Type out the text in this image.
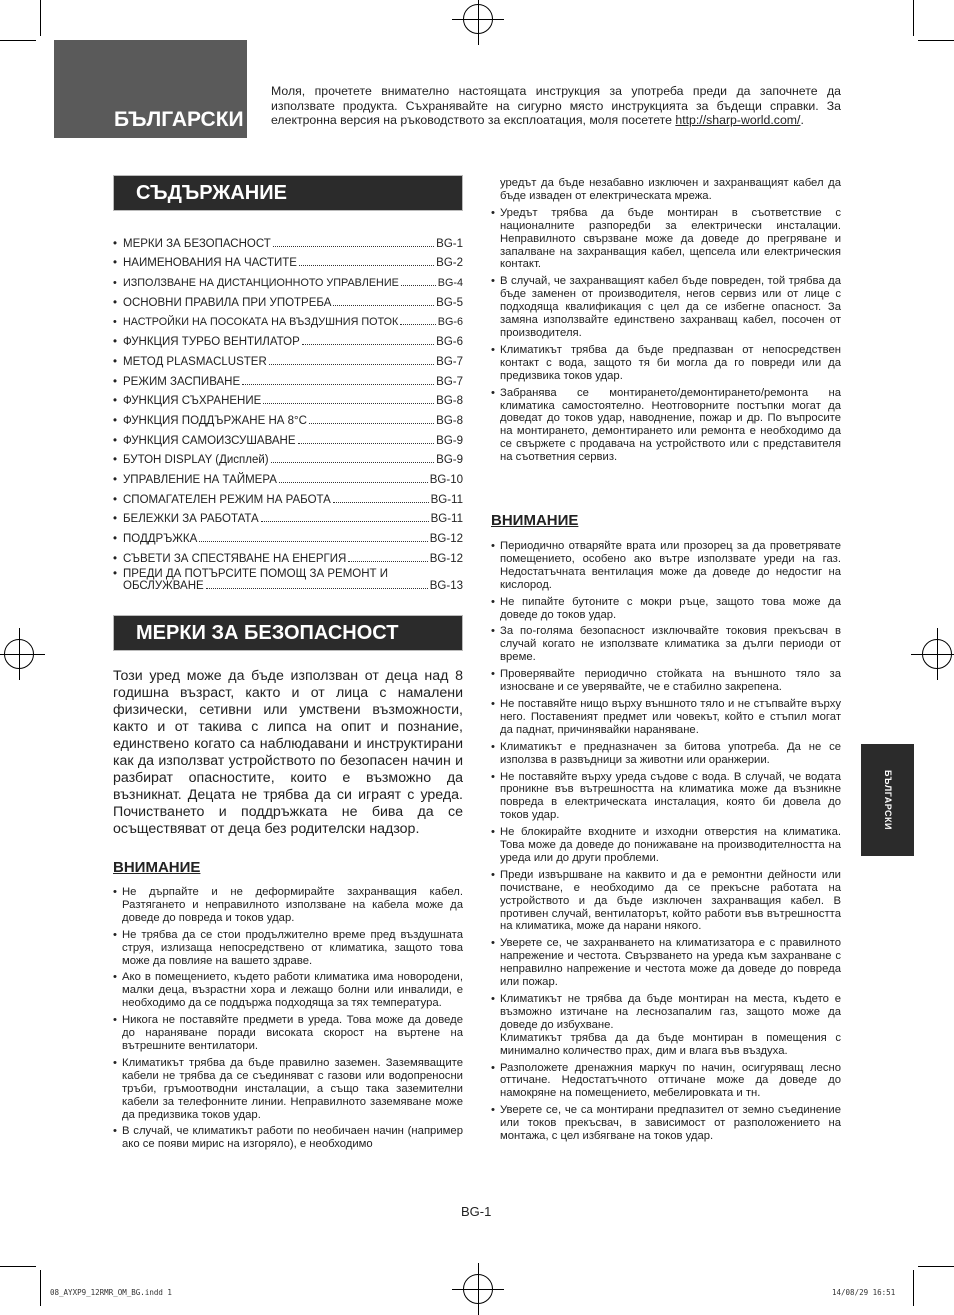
БЪЛГАРСКИ
Моля, прочетете внимателно настоящата инструкция за употреба преди да започнете да използвате продукта. Съхранявайте на сигурно място инструкцията за бъдещи справки. За електронна версия на ръководството за експлоатация, моля посетете http://sharp-world.com/.
СЪДЪРЖАНИЕ
• МЕРКИ ЗА БЕЗОПАСНОСТ	BG-1
• НАИМЕНОВАНИЯ НА ЧАСТИТЕ	BG-2
• ИЗПОЛЗВАНЕ НА ДИСТАНЦИОННОТО УПРАВЛЕНИЕ	BG-4
• ОСНОВНИ ПРАВИЛА ПРИ УПОТРЕБА	BG-5
• НАСТРОЙКИ НА ПОСОКАТА НА ВЪЗДУШНИЯ ПОТОК	BG-6
• ФУНКЦИЯ ТУРБО ВЕНТИЛАТОР	BG-6
• МЕТОД PLASMACLUSTER	BG-7
• РЕЖИМ ЗАСПИВАНЕ	BG-7
• ФУНКЦИЯ СЪХРАНЕНИЕ	BG-8
• ФУНКЦИЯ ПОДДЪРЖАНЕ НА 8°C	BG-8
• ФУНКЦИЯ САМОИЗСУШАВАНЕ	BG-9
• БУТОН DISPLAY (Дисплей)	BG-9
• УПРАВЛЕНИЕ НА ТАЙМЕРА	BG-10
• СПОМАГАТЕЛЕН РЕЖИМ НА РАБОТА	BG-11
• БЕЛЕЖКИ ЗА РАБОТАТА	BG-11
• ПОДДРЪЖКА	BG-12
• СЪВЕТИ ЗА СПЕСТЯВАНЕ НА ЕНЕРГИЯ	BG-12
• ПРЕДИ ДА ПОТЪРСИТЕ ПОМОЩ ЗА РЕМОНТ И
ОБСЛУЖВАНЕ	BG-13
МЕРКИ ЗА БЕЗОПАСНОСТ
Този уред може да бъде използван от деца над 8 годишна възраст, както и от лица с намалени физически, сетивни или умствени възможности, както и от такива с липса на опит и познание, единствено когато са наблюдавани и инструктирани как да използват устройството по безопасен начин и разбират опасностите, които е възможно да възникнат. Децата не трябва да си играят с уреда. Почистването и поддръжката не бива да се осъществяват от деца без родителски надзор.
ВНИМАНИЕ
• Не дърпайте и не деформирайте захранващия кабел. Разтягането и неправилното използване на кабела може да доведе до повреда и токов удар.
• Не трябва да се стои продължително време пред въздушната струя, излизаща непосредствено от климатика, защото това може да повлияе на вашето здраве.
• Ако в помещението, където работи климатика има новородени, малки деца, възрастни хора и лежащо болни или инвалиди, е необходимо да се поддържа подходяща за тях температура.
• Никога не поставяйте предмети в уреда. Това може да доведе до нараняване поради високата скорост на въртене на вътрешните вентилатори.
• Климатикът трябва да бъде правилно заземен. Заземяващите кабели не трябва да се съединяват с газови или водопреносни тръби, гръмоотводни инсталации, а също така заземителни кабели за телефонните линии. Неправилното заземяване може да предизвика токов удар.
• В случай, че климатикът работи по необичаен начин (например ако се появи мирис на изгоряло), е необходимо
уредът да бъде незабавно изключен и захранващият кабел да бъде изваден от електрическата мрежа.
• Уредът трябва да бъде монтиран в съответствие с националните разпоредби за електрически инсталации. Неправилното свързване може да доведе до прегряване и запалване на захранващия кабел, щепсела или електрическия контакт.
• В случай, че захранващият кабел бъде повреден, той трябва да бъде заменен от производителя, негов сервиз или от лице с подходяща квалификация с цел да се избегне опасност. За замяна използвайте единствено захранващ кабел, посочен от производителя.
• Климатикът трябва да бъде предпазван от непосредствен контакт с вода, защото тя би могла да го повреди или да предизвика токов удар.
• Забранява се монтирането/демонтирането/ремонта на климатика самостоятелно. Неотговорните постъпки могат да доведат до токов удар, наводнение, пожар и др. По въпросите на монтирането, демонтирането или ремонта е необходимо да се свържете с продавача на устройството или с представителя на съответния сервиз.
ВНИМАНИЕ
• Периодично отваряйте врата или прозорец за да проветрявате помещението, особено ако вътре използвате уреди на газ. Недостатъчната вентилация може да доведе до недостиг на кислород.
• Не пипайте бутоните с мокри ръце, защото това може да доведе до токов удар.
• За по-голяма безопасност изключвайте токовия прекъсвач в случай когато не използвате климатика за дълги периоди от време.
• Проверявайте периодично стойката на външното тяло за износване и се уверявайте, че е стабилно закрепена.
• Не поставяйте нищо върху външното тяло и не стъпвайте върху него. Поставеният предмет или човекът, който е стъпил могат да паднат, причинявайки нараняване.
• Климатикът е предназначен за битова употреба. Да не се използва в развъдници за животни или оранжерии.
• Не поставяйте върху уреда съдове с вода. В случай, че водата проникне във вътрешността на климатика може да възникне повреда в електрическата инсталация, която би довела до токов удар.
• Не блокирайте входните и изходни отверстия на климатика. Това може да доведе до понижаване на производителността на уреда или до други проблеми.
• Преди извършване на каквито и да е ремонтни дейности или почистване, е необходимо да се прекъсне работата на устройството и да бъде изключен захранващия кабел. В противен случай, вентилаторът, който работи във вътрешността на климатика, може да нарани някого.
• Уверете се, че захранването на климатизатора е с правилното напрежение и честота. Свързването на уреда към захранване с неправилно напрежение и честота може да доведе до повреда или пожар.
• Климатикът не трябва да бъде монтиран на места, където е възможно изтичане на леснозапалим газ, защото може да доведе до избухване.
Климатикът трябва да да бъде монтиран в помещения с минимално количество прах, дим и влага във въздуха.
• Разположете дренажния маркуч по начин, осигуряващ лесно оттичане. Недостатъчното оттичане може да доведе до намокряне на помещението, мебелировката и тн.
• Уверете се, че са монтирани предпазител от земно съединение или токов прекъсвач, в зависимост от разположението на монтажа, с цел избягване на токов удар.
БЪЛГАРСКИ
BG-1
08_AYXP9_12RMR_OM_BG.indd 1	14/08/29 16:51
